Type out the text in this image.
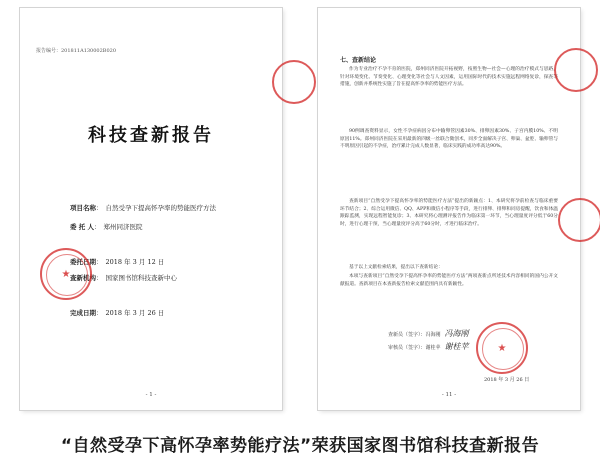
报告编号：201811A130002B020
科技查新报告
项目名称： 自然受孕下提高怀孕率的势能医疗方法
委 托 人： 郑州同济医院
委托日期： 2018 年 3 月 12 日
查新机构： 国家图书馆科技查新中心
完成日期： 2018 年 3 月 26 日
★
- 1 -
七、查新结论
作为专业治疗不孕不育的医院，郑州同济医院开拓视野，按照生物—社会—心理的治疗模式与思路，针对环境变化、节奏变化、心理变化等社会与人文因素，运用国际时代的技术实施远程网络复诊，探查等措施，创新并系统性实施了旨在提高怀孕率的势能医疗方法。
90例调查资料显示，女性不孕症病因分布中输卵管因素30%、排卵因素30%、子宫内膜10%、不明原因11%。郑州同济医院在采用最新的四级一丝联合微创术，同步全面解决子宫、卵巢、盆腔、输卵管与不明原因引起的不孕症，治疗累计完成人数显著，临床实践的成功率高达90%。
查新项目“自然受孕下提高怀孕率的势能医疗方法”提出的新颖点：1、本研究将孕前检查与临床重要环节结合；2、综合运用微信、QQ、APP和微信小程序等手段，进行排卵、排卵和同房提醒，饮食和体温跟踪监测，实现远程智能复诊；3、本研究将心理测评报告作为临床第一环节，当心理量度评分低于60分时，进行心理干预，当心理量度评分高于60分时，才进行临床治疗。
基于以上文献检索结果，提出以下查新结论：
本项与查新项目“自然受孕下提高怀孕率的势能医疗方法”两项查新点所述技术内容相同的国内公开文献报道。查新项目在本查新报告检索文献范围内具有新颖性。
查新员（签字）：冯海刚 冯海刚
审核员（签字）：谢桂苹 谢桂苹	★
2018 年 3 月 26 日
- 11 -
“自然受孕下高怀孕率势能疗法”荣获国家图书馆科技查新报告
